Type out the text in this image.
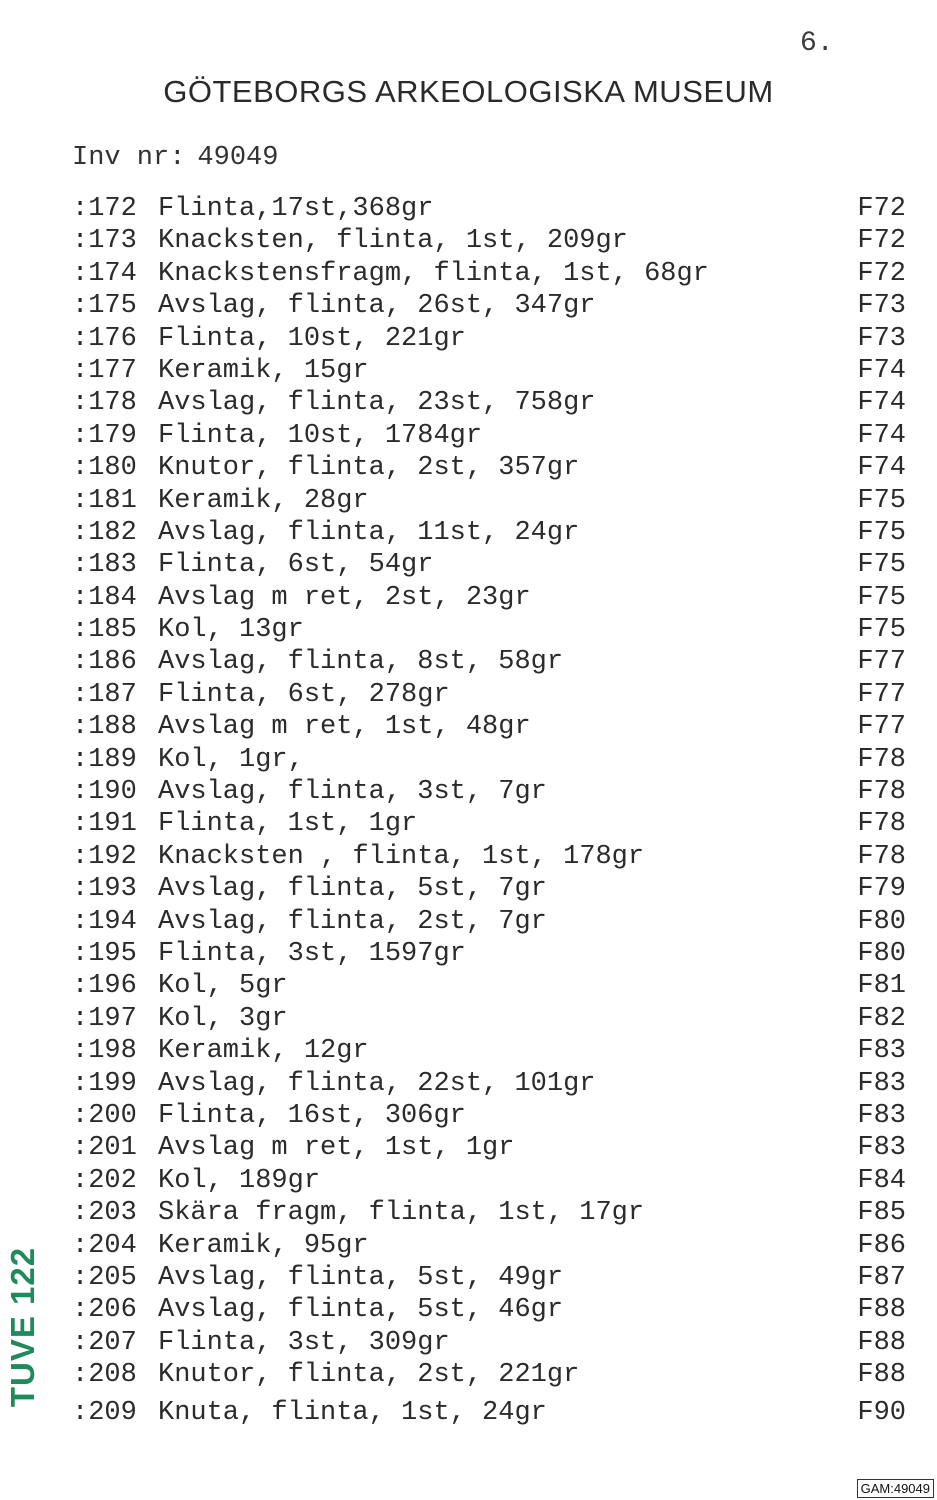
6.
GÖTEBORGS ARKEOLOGISKA MUSEUM
Inv nr: 49049
:172 Flinta,17st,368gr	F72
:173 Knacksten, flinta, 1st, 209gr	F72
:174 Knackstensfragm, flinta, 1st, 68gr	F72
:175 Avslag, flinta, 26st, 347gr	F73
:176 Flinta, 10st, 221gr	F73
:177 Keramik, 15gr	F74
:178 Avslag, flinta, 23st, 758gr	F74
:179 Flinta, 10st, 1784gr	F74
:180 Knutor, flinta, 2st, 357gr	F74
:181 Keramik, 28gr	F75
:182 Avslag, flinta, 11st, 24gr	F75
:183 Flinta, 6st, 54gr	F75
:184 Avslag m ret, 2st, 23gr	F75
:185 Kol, 13gr	F75
:186 Avslag, flinta, 8st, 58gr	F77
:187 Flinta, 6st, 278gr	F77
:188 Avslag m ret, 1st, 48gr	F77
:189 Kol, 1gr,	F78
:190 Avslag, flinta, 3st, 7gr	F78
:191 Flinta, 1st, 1gr	F78
:192 Knacksten , flinta, 1st, 178gr	F78
:193 Avslag, flinta, 5st, 7gr	F79
:194 Avslag, flinta, 2st, 7gr	F80
:195 Flinta, 3st, 1597gr	F80
:196 Kol, 5gr	F81
:197 Kol, 3gr	F82
:198 Keramik, 12gr	F83
:199 Avslag, flinta, 22st, 101gr	F83
:200 Flinta, 16st, 306gr	F83
:201 Avslag m ret, 1st, 1gr	F83
:202 Kol, 189gr	F84
:203 Skära fragm, flinta, 1st, 17gr	F85
:204 Keramik, 95gr	F86
:205 Avslag, flinta, 5st, 49gr	F87
:206 Avslag, flinta, 5st, 46gr	F88
:207 Flinta, 3st, 309gr	F88
:208 Knutor, flinta, 2st, 221gr	F88
:209 Knuta, flinta, 1st, 24gr	F90
TUVE 122
GAM:49049
